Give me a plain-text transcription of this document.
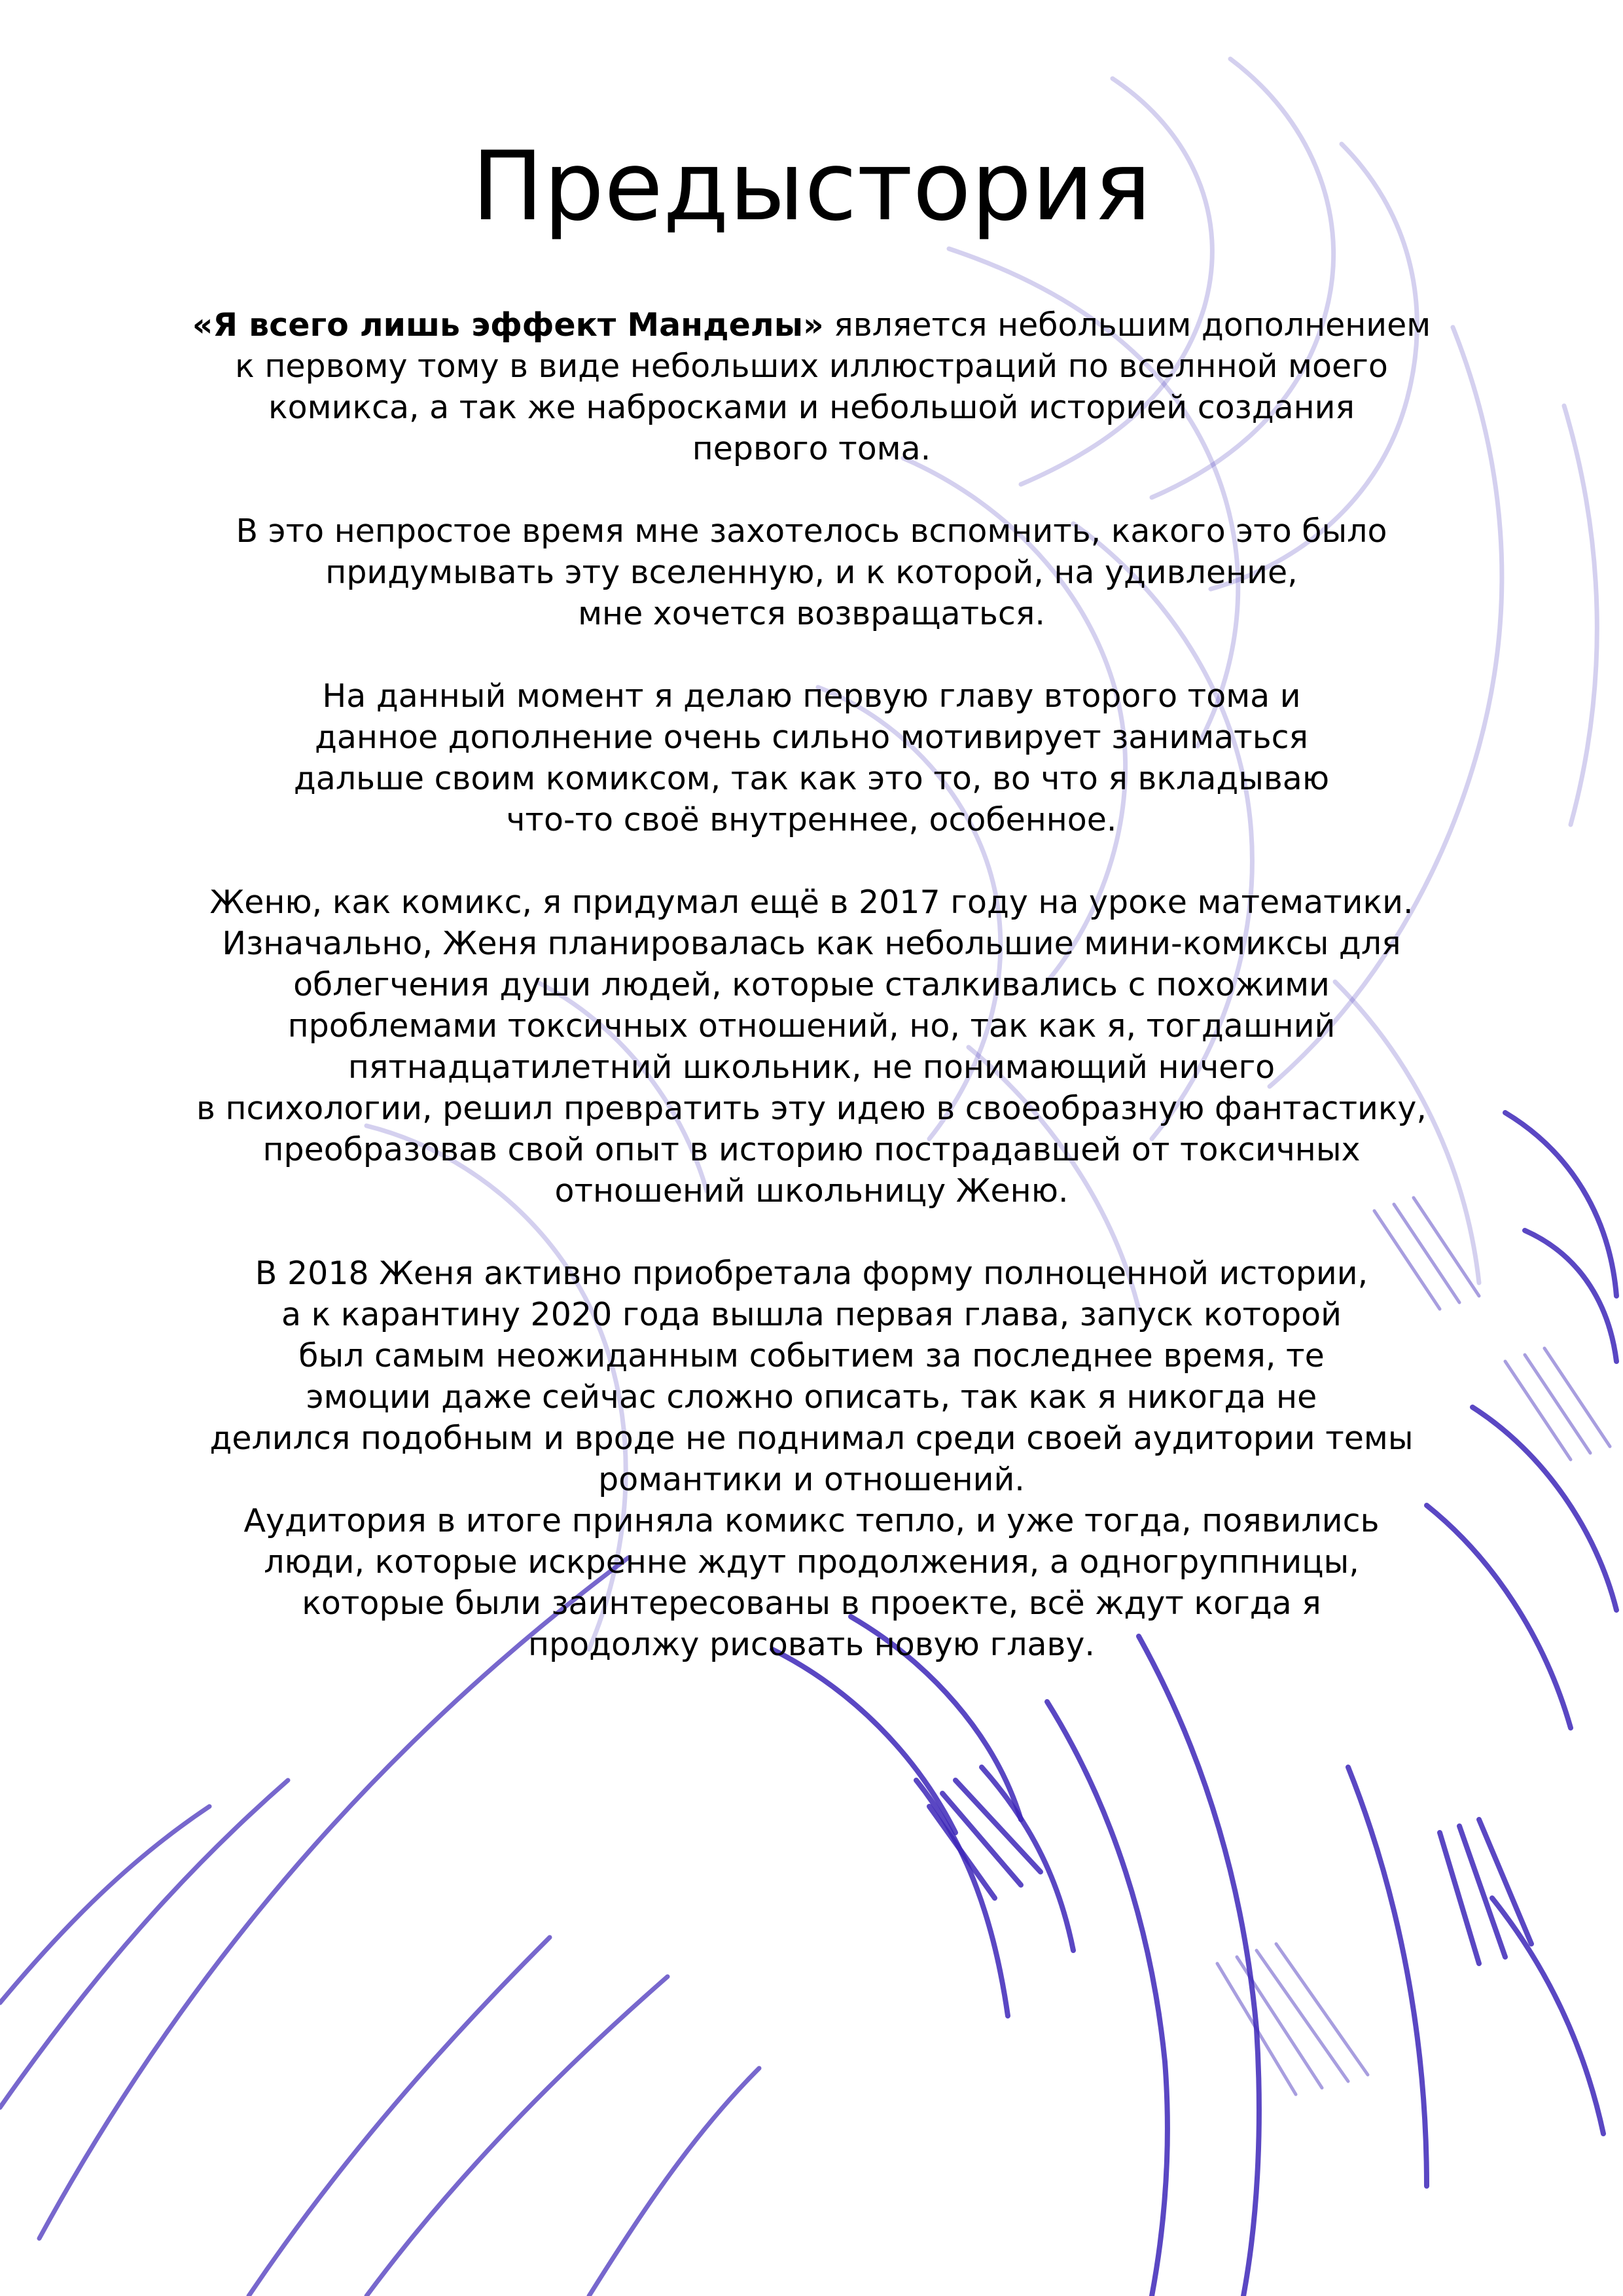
Предыстория

«Я всего лишь эффект Манделы» является небольшим дополнением
к первому тому в виде небольших иллюстраций по вселнной моего
комикса, а так же набросками и небольшой историей создания
первого тома.

В это непростое время мне захотелось вспомнить, какого это было
придумывать эту вселенную, и к которой, на удивление,
мне хочется возвращаться.

На данный момент я делаю первую главу второго тома и
данное дополнение очень сильно мотивирует заниматься
дальше своим комиксом, так как это то, во что я вкладываю
что-то своё внутреннее, особенное.

Женю, как комикс, я придумал ещё в 2017 году на уроке математики.
Изначально, Женя планировалась как небольшие мини-комиксы для
облегчения души людей, которые сталкивались с похожими
проблемами токсичных отношений, но, так как я, тогдашний
пятнадцатилетний школьник, не понимающий ничего
в психологии, решил превратить эту идею в своеобразную фантастику,
преобразовав свой опыт в историю пострадавшей от токсичных
отношений школьницу Женю.

В 2018 Женя активно приобретала форму полноценной истории,
а к карантину 2020 года вышла первая глава, запуск которой
был самым неожиданным событием за последнее время, те
эмоции даже сейчас сложно описать, так как я никогда не
делился подобным и вроде не поднимал среди своей аудитории темы
романтики и отношений.

Аудитория в итоге приняла комикс тепло, и уже тогда, появились
люди, которые искренне ждут продолжения, а одногруппницы,
которые были заинтересованы в проекте, всё ждут когда я
продолжу рисовать новую главу.
